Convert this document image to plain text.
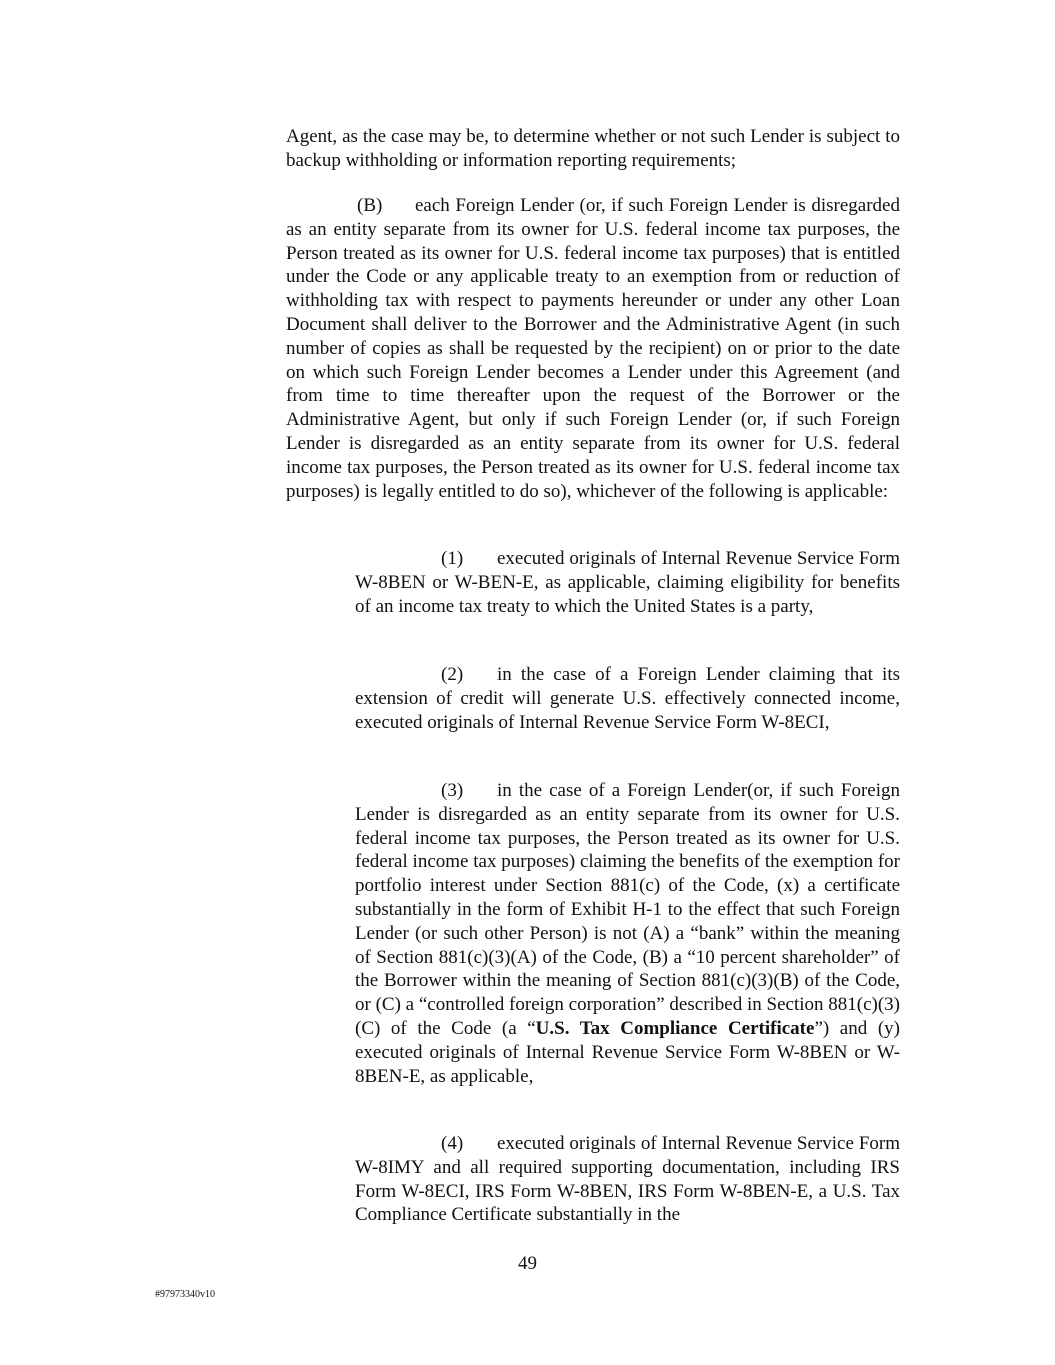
Agent, as the case may be, to determine whether or not such Lender is subject to backup withholding or information reporting requirements;

(B) each Foreign Lender (or, if such Foreign Lender is disregarded as an entity separate from its owner for U.S. federal income tax purposes, the Person treated as its owner for U.S. federal income tax purposes) that is entitled under the Code or any applicable treaty to an exemption from or reduction of withholding tax with respect to payments hereunder or under any other Loan Document shall deliver to the Borrower and the Administrative Agent (in such number of copies as shall be requested by the recipient) on or prior to the date on which such Foreign Lender becomes a Lender under this Agreement (and from time to time thereafter upon the request of the Borrower or the Administrative Agent, but only if such Foreign Lender (or, if such Foreign Lender is disregarded as an entity separate from its owner for U.S. federal income tax purposes, the Person treated as its owner for U.S. federal income tax purposes) is legally entitled to do so), whichever of the following is applicable:

(1) executed originals of Internal Revenue Service Form W-8BEN or W-BEN-E, as applicable, claiming eligibility for benefits of an income tax treaty to which the United States is a party,

(2) in the case of a Foreign Lender claiming that its extension of credit will generate U.S. effectively connected income, executed originals of Internal Revenue Service Form W-8ECI,

(3) in the case of a Foreign Lender(or, if such Foreign Lender is disregarded as an entity separate from its owner for U.S. federal income tax purposes, the Person treated as its owner for U.S. federal income tax purposes) claiming the benefits of the exemption for portfolio interest under Section 881(c) of the Code, (x) a certificate substantially in the form of Exhibit H-1 to the effect that such Foreign Lender (or such other Person) is not (A) a “bank” within the meaning of Section 881(c)(3)(A) of the Code, (B) a “10 percent shareholder” of the Borrower within the meaning of Section 881(c)(3)(B) of the Code, or (C) a “controlled foreign corporation” described in Section 881(c)(3)(C) of the Code (a “U.S. Tax Compliance Certificate”) and (y) executed originals of Internal Revenue Service Form W-8BEN or W-8BEN-E, as applicable,

(4) executed originals of Internal Revenue Service Form W-8IMY and all required supporting documentation, including IRS Form W-8ECI, IRS Form W-8BEN, IRS Form W-8BEN-E, a U.S. Tax Compliance Certificate substantially in the

49
#97973340v10
